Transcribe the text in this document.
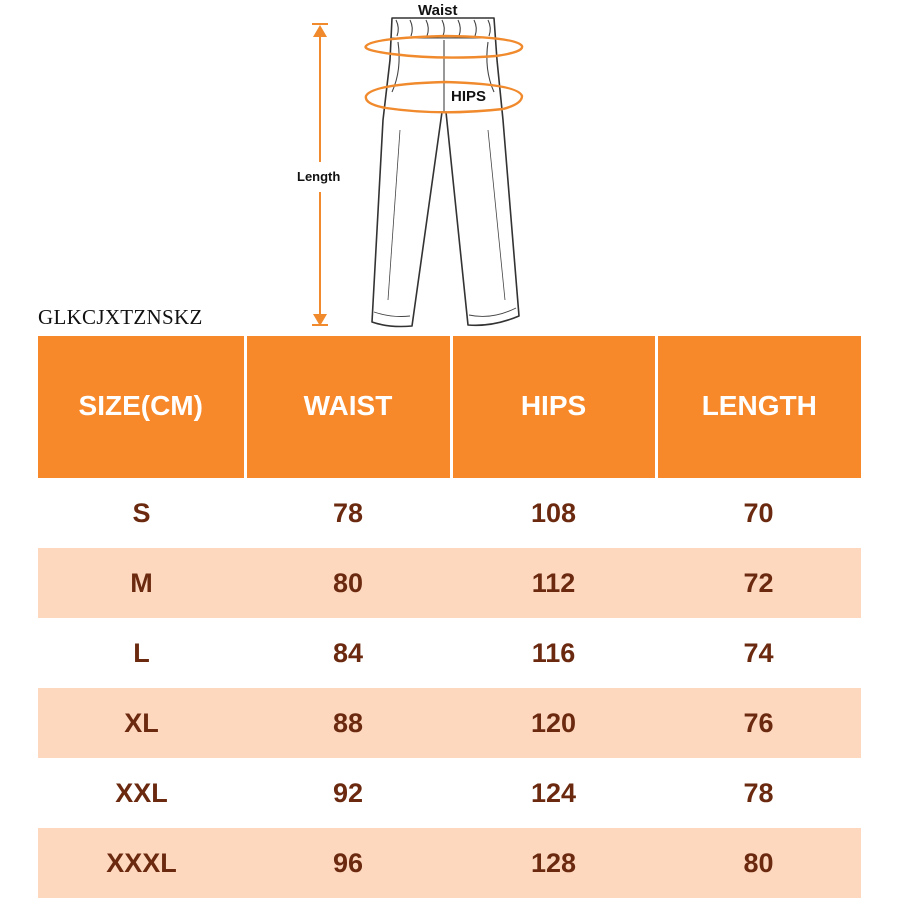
Waist
HIPS
Length
GLKCJXTZNSKZ
SIZE(CM)	WAIST	HIPS	LENGTH
S	78	108	70
M	80	112	72
L	84	116	74
XL	88	120	76
XXL	92	124	78
XXXL	96	128	80
